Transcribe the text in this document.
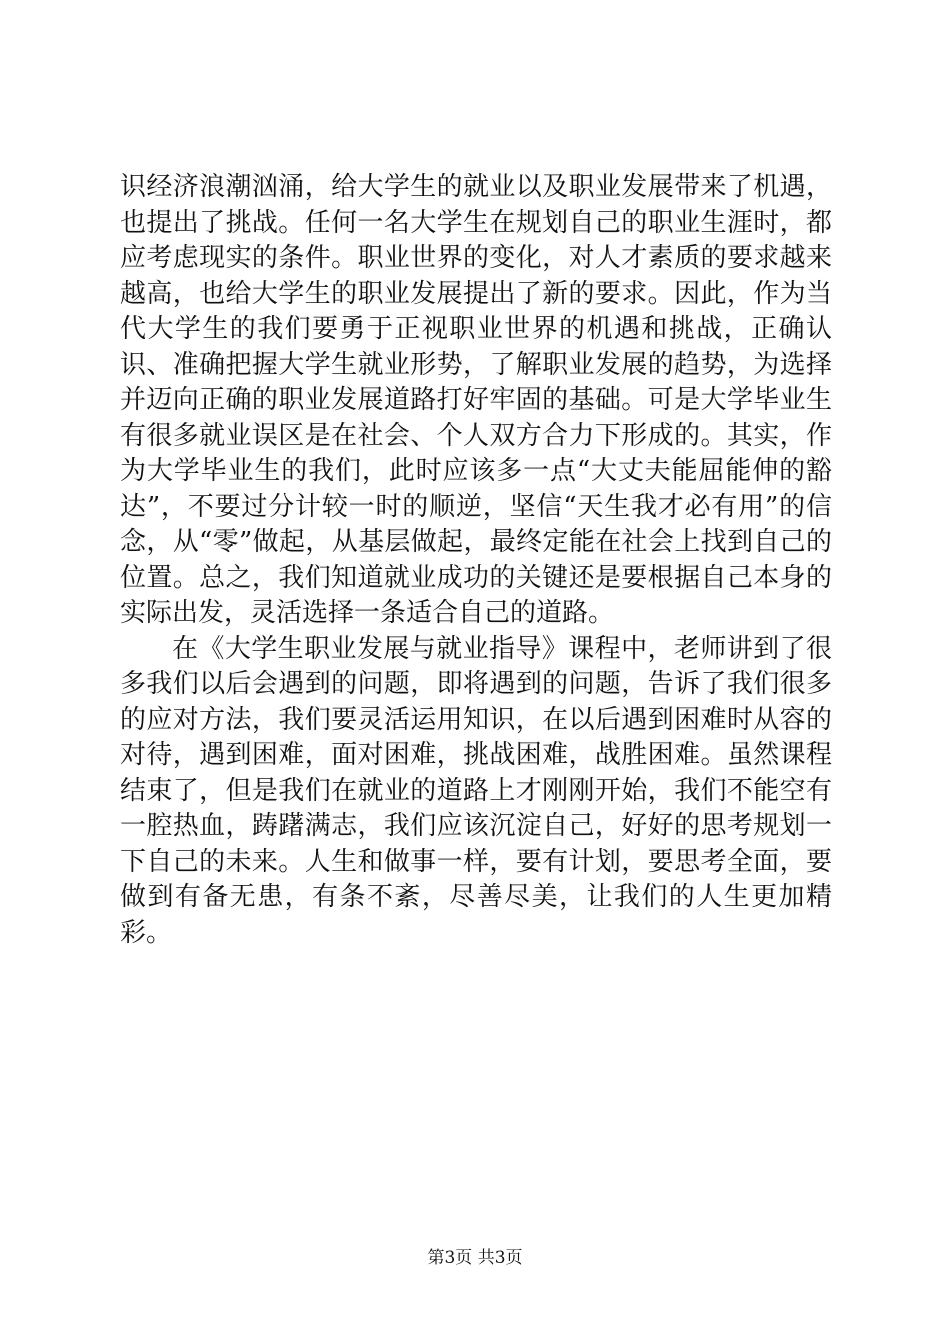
识经济浪潮汹涌，给大学生的就业以及职业发展带来了机遇，也提出了挑战。任何一名大学生在规划自己的职业生涯时，都应考虑现实的条件。职业世界的变化，对人才素质的要求越来越高，也给大学生的职业发展提出了新的要求。因此，作为当代大学生的我们要勇于正视职业世界的机遇和挑战，正确认识、准确把握大学生就业形势，了解职业发展的趋势，为选择并迈向正确的职业发展道路打好牢固的基础。可是大学毕业生有很多就业误区是在社会、个人双方合力下形成的。其实，作为大学毕业生的我们，此时应该多一点“大丈夫能屈能伸的豁达”，不要过分计较一时的顺逆，坚信“天生我才必有用”的信念，从“零”做起，从基层做起，最终定能在社会上找到自己的位置。总之，我们知道就业成功的关键还是要根据自己本身的实际出发，灵活选择一条适合自己的道路。

在《大学生职业发展与就业指导》课程中，老师讲到了很多我们以后会遇到的问题，即将遇到的问题，告诉了我们很多的应对方法，我们要灵活运用知识，在以后遇到困难时从容的对待，遇到困难，面对困难，挑战困难，战胜困难。虽然课程结束了，但是我们在就业的道路上才刚刚开始，我们不能空有一腔热血，踌躇满志，我们应该沉淀自己，好好的思考规划一下自己的未来。人生和做事一样，要有计划，要思考全面，要做到有备无患，有条不紊，尽善尽美，让我们的人生更加精彩。

第3页 共3页
